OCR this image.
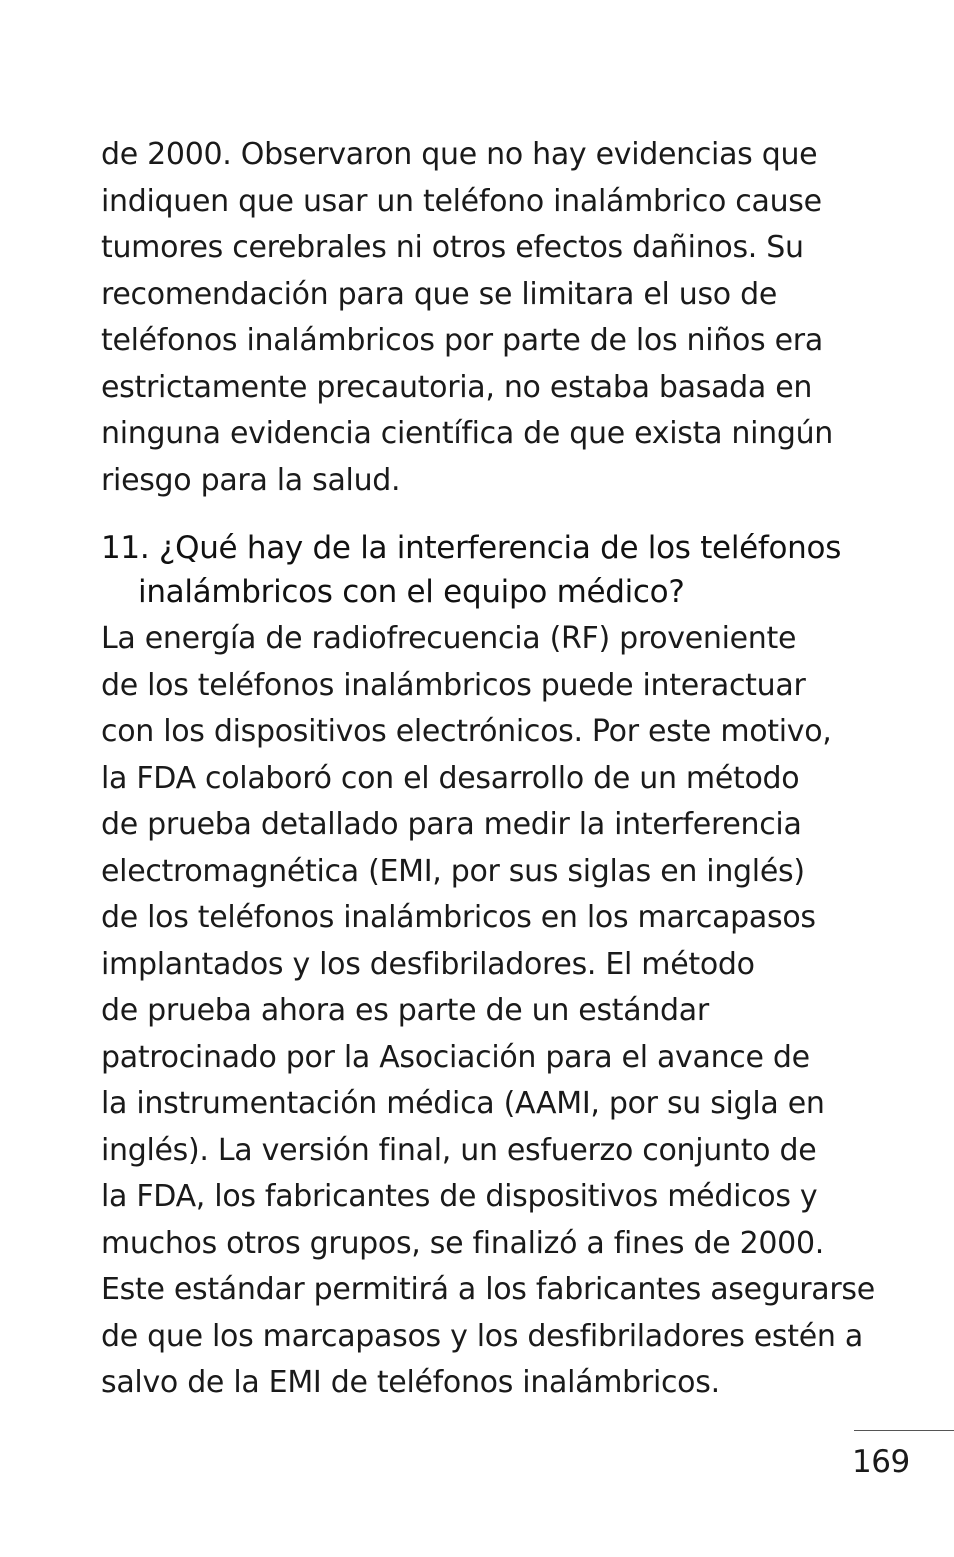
de 2000. Observaron que no hay evidencias que
indiquen que usar un teléfono inalámbrico cause
tumores cerebrales ni otros efectos dañinos. Su
recomendación para que se limitara el uso de
teléfonos inalámbricos por parte de los niños era
estrictamente precautoria, no estaba basada en
ninguna evidencia científica de que exista ningún
riesgo para la salud.

11. ¿Qué hay de la interferencia de los teléfonos
inalámbricos con el equipo médico?

La energía de radiofrecuencia (RF) proveniente
de los teléfonos inalámbricos puede interactuar
con los dispositivos electrónicos. Por este motivo,
la FDA colaboró con el desarrollo de un método
de prueba detallado para medir la interferencia
electromagnética (EMI, por sus siglas en inglés)
de los teléfonos inalámbricos en los marcapasos
implantados y los desfibriladores. El método
de prueba ahora es parte de un estándar
patrocinado por la Asociación para el avance de
la instrumentación médica (AAMI, por su sigla en
inglés). La versión final, un esfuerzo conjunto de
la FDA, los fabricantes de dispositivos médicos y
muchos otros grupos, se finalizó a fines de 2000.
Este estándar permitirá a los fabricantes asegurarse
de que los marcapasos y los desfibriladores estén a
salvo de la EMI de teléfonos inalámbricos.

169
